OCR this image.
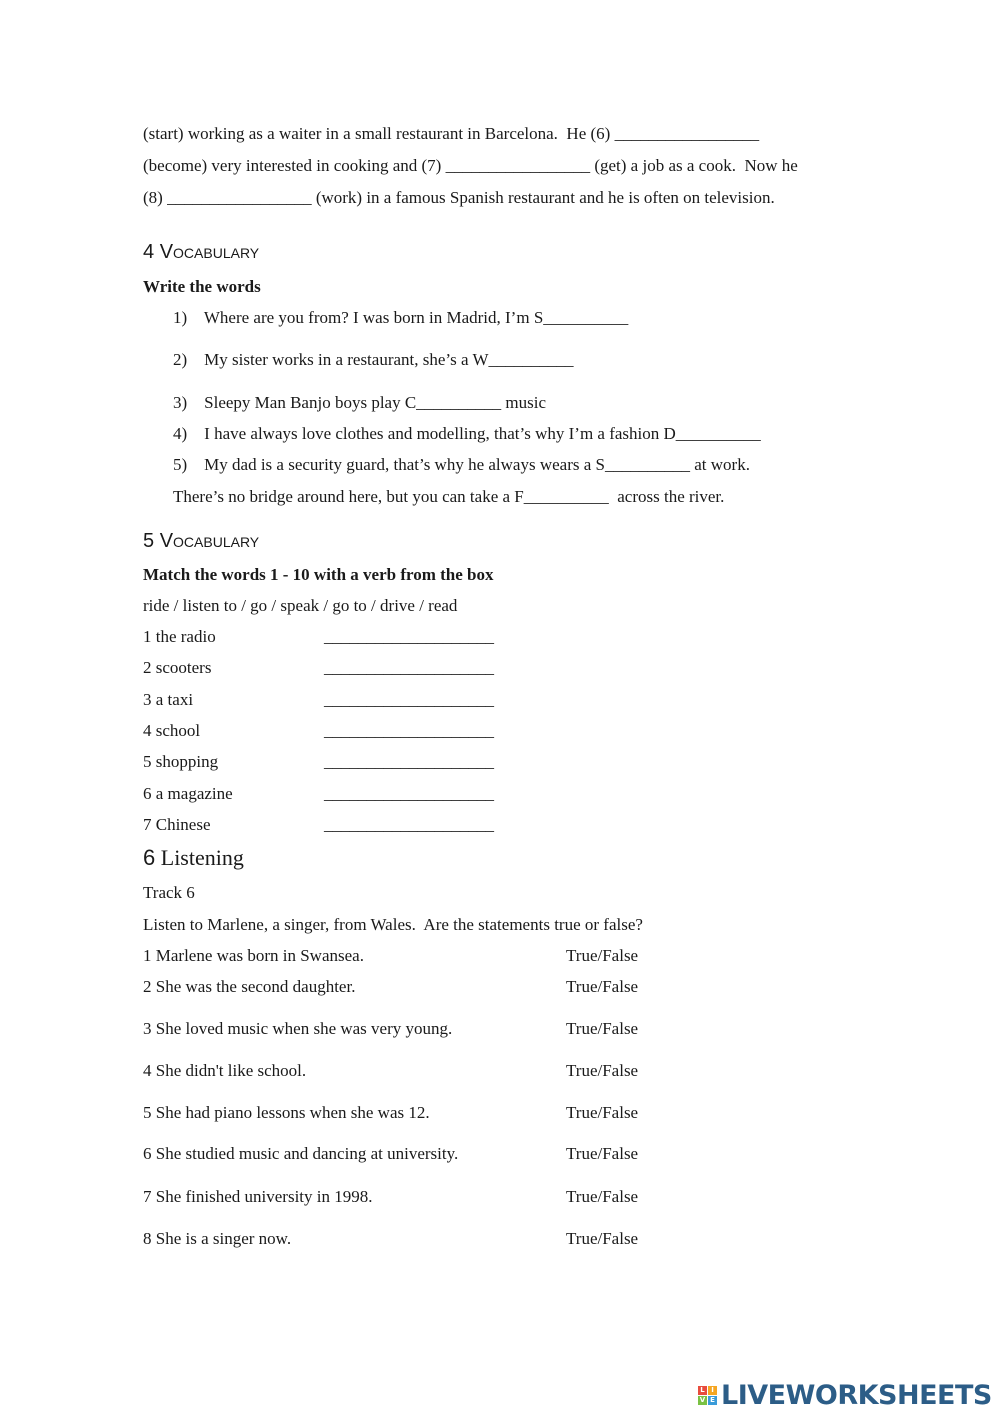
(start) working as a waiter in a small restaurant in Barcelona.  He (6) _________________
(become) very interested in cooking and (7) _________________ (get) a job as a cook.  Now he
(8) _________________ (work) in a famous Spanish restaurant and he is often on television.
4 Vocabulary
Write the words
1)    Where are you from? I was born in Madrid, I’m S__________
2)    My sister works in a restaurant, she’s a W__________
3)    Sleepy Man Banjo boys play C__________ music
4)    I have always love clothes and modelling, that’s why I’m a fashion D__________
5)    My dad is a security guard, that’s why he always wears a S__________ at work.
There’s no bridge around here, but you can take a F__________  across the river.
5 Vocabulary
Match the words 1 - 10 with a verb from the box
ride / listen to / go / speak / go to / drive / read
1 the radio	____________________
2 scooters	____________________
3 a taxi	____________________
4 school	____________________
5 shopping	____________________
6 a magazine	____________________
7 Chinese	____________________
6 Listening
Track 6
Listen to Marlene, a singer, from Wales.  Are the statements true or false?
1 Marlene was born in Swansea.	True/False
2 She was the second daughter.	True/False
3 She loved music when she was very young.	True/False
4 She didn't like school.	True/False
5 She had piano lessons when she was 12.	True/False
6 She studied music and dancing at university.	True/False
7 She finished university in 1998.	True/False
8 She is a singer now.	True/False
L I
V E LIVEWORKSHEETS
